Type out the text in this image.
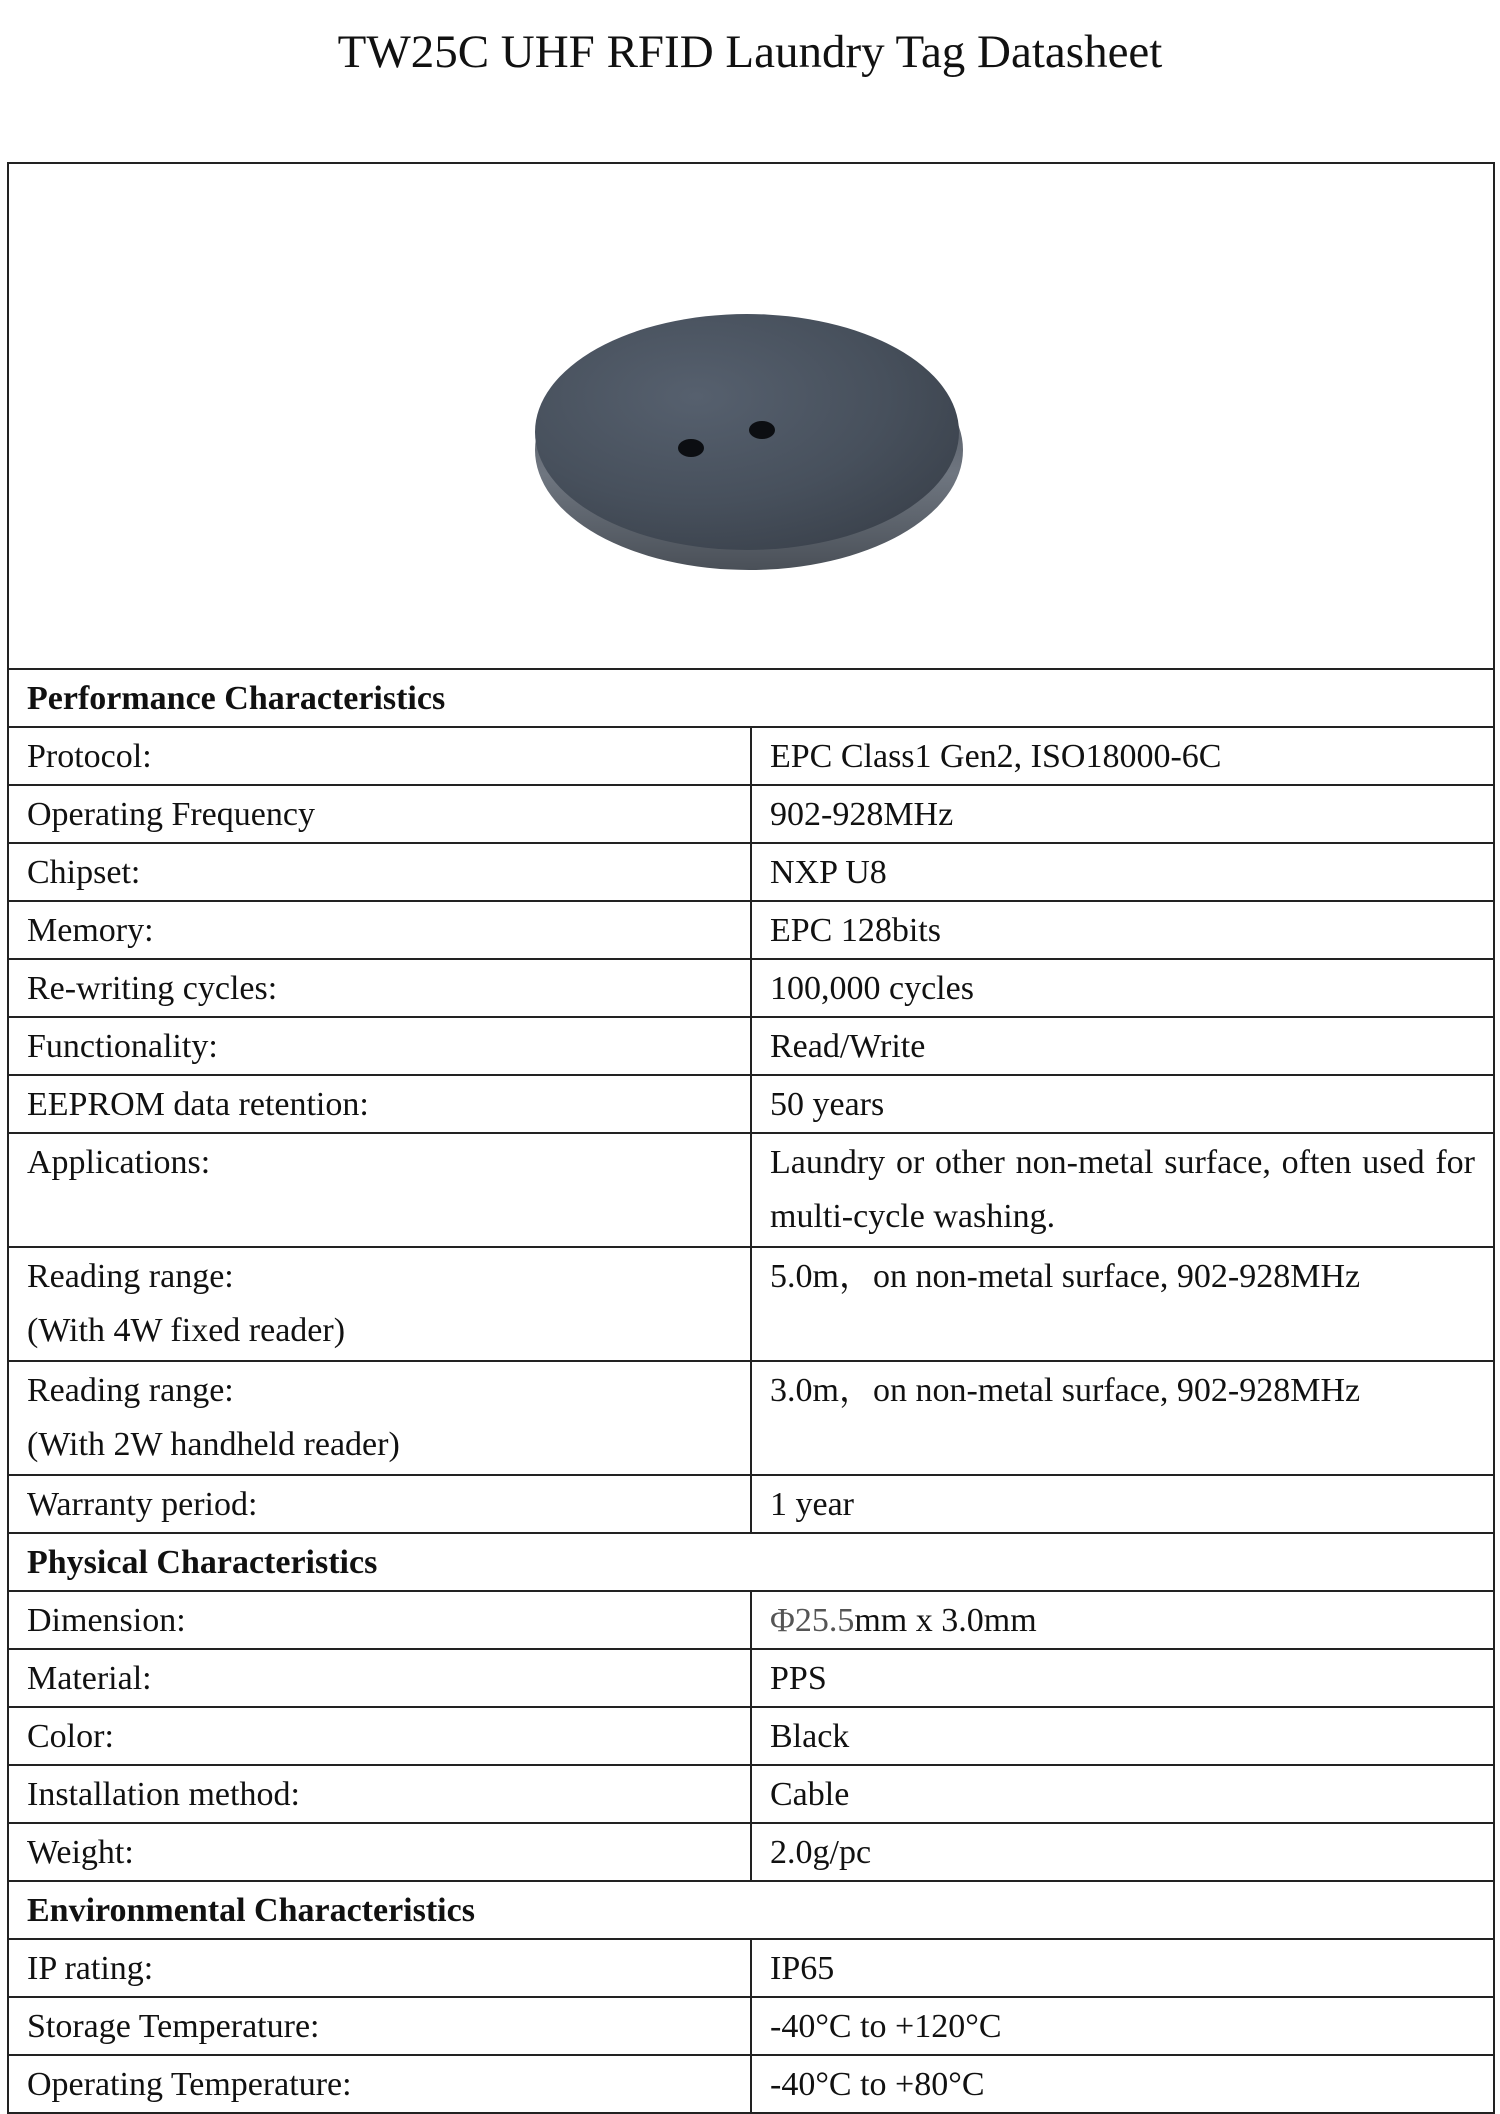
TW25C UHF RFID Laundry Tag Datasheet

Performance Characteristics	
Protocol:	EPC Class1 Gen2, ISO18000-6C
Operating Frequency	902-928MHz
Chipset:	NXP U8
Memory:	EPC 128bits
Re-writing cycles:	100,000 cycles
Functionality:	Read/Write
EEPROM data retention:	50 years
Applications:	Laundry or other non-metal surface, often used for multi-cycle washing.

Reading range:
(With 4W fixed reader)	5.0m，on non-metal surface, 902-928MHz

Reading range:
(With 2W handheld reader)	3.0m，on non-metal surface, 902-928MHz
Warranty period:	1 year
Physical Characteristics	
Dimension:	Φ25.5mm x 3.0mm
Material:	PPS
Color:	Black
Installation method:	Cable
Weight:	2.0g/pc
Environmental Characteristics	
IP rating:	IP65
Storage Temperature:	-40°C to +120°C
Operating Temperature:	-40°C to +80°C
